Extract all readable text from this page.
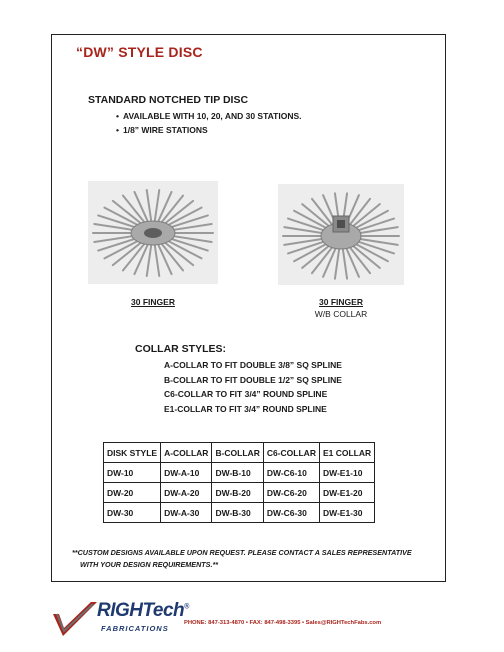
“DW” STYLE DISC
STANDARD NOTCHED TIP DISC
• AVAILABLE WITH 10, 20, AND 30 STATIONS.
• 1/8” WIRE STATIONS
30 FINGER	30 FINGER
W/B COLLAR
COLLAR STYLES:
A-COLLAR TO FIT DOUBLE 3/8” SQ SPLINE
B-COLLAR TO FIT DOUBLE 1/2” SQ SPLINE
C6-COLLAR TO FIT 3/4” ROUND SPLINE
E1-COLLAR TO FIT 3/4” ROUND SPLINE
DISK STYLE	A-COLLAR	B-COLLAR	C6-COLLAR	E1 COLLAR
DW-10	DW-A-10	DW-B-10	DW-C6-10	DW-E1-10
DW-20	DW-A-20	DW-B-20	DW-C6-20	DW-E1-20
DW-30	DW-A-30	DW-B-30	DW-C6-30	DW-E1-30
**CUSTOM DESIGNS AVAILABLE UPON REQUEST. PLEASE CONTACT A SALES REPRESENTATIVE
WITH YOUR DESIGN REQUIREMENTS.**
RIGHTech®
FABRICATIONS
PHONE: 847-313-4870 • FAX: 847-498-3395 • Sales@RIGHTechFabs.com
